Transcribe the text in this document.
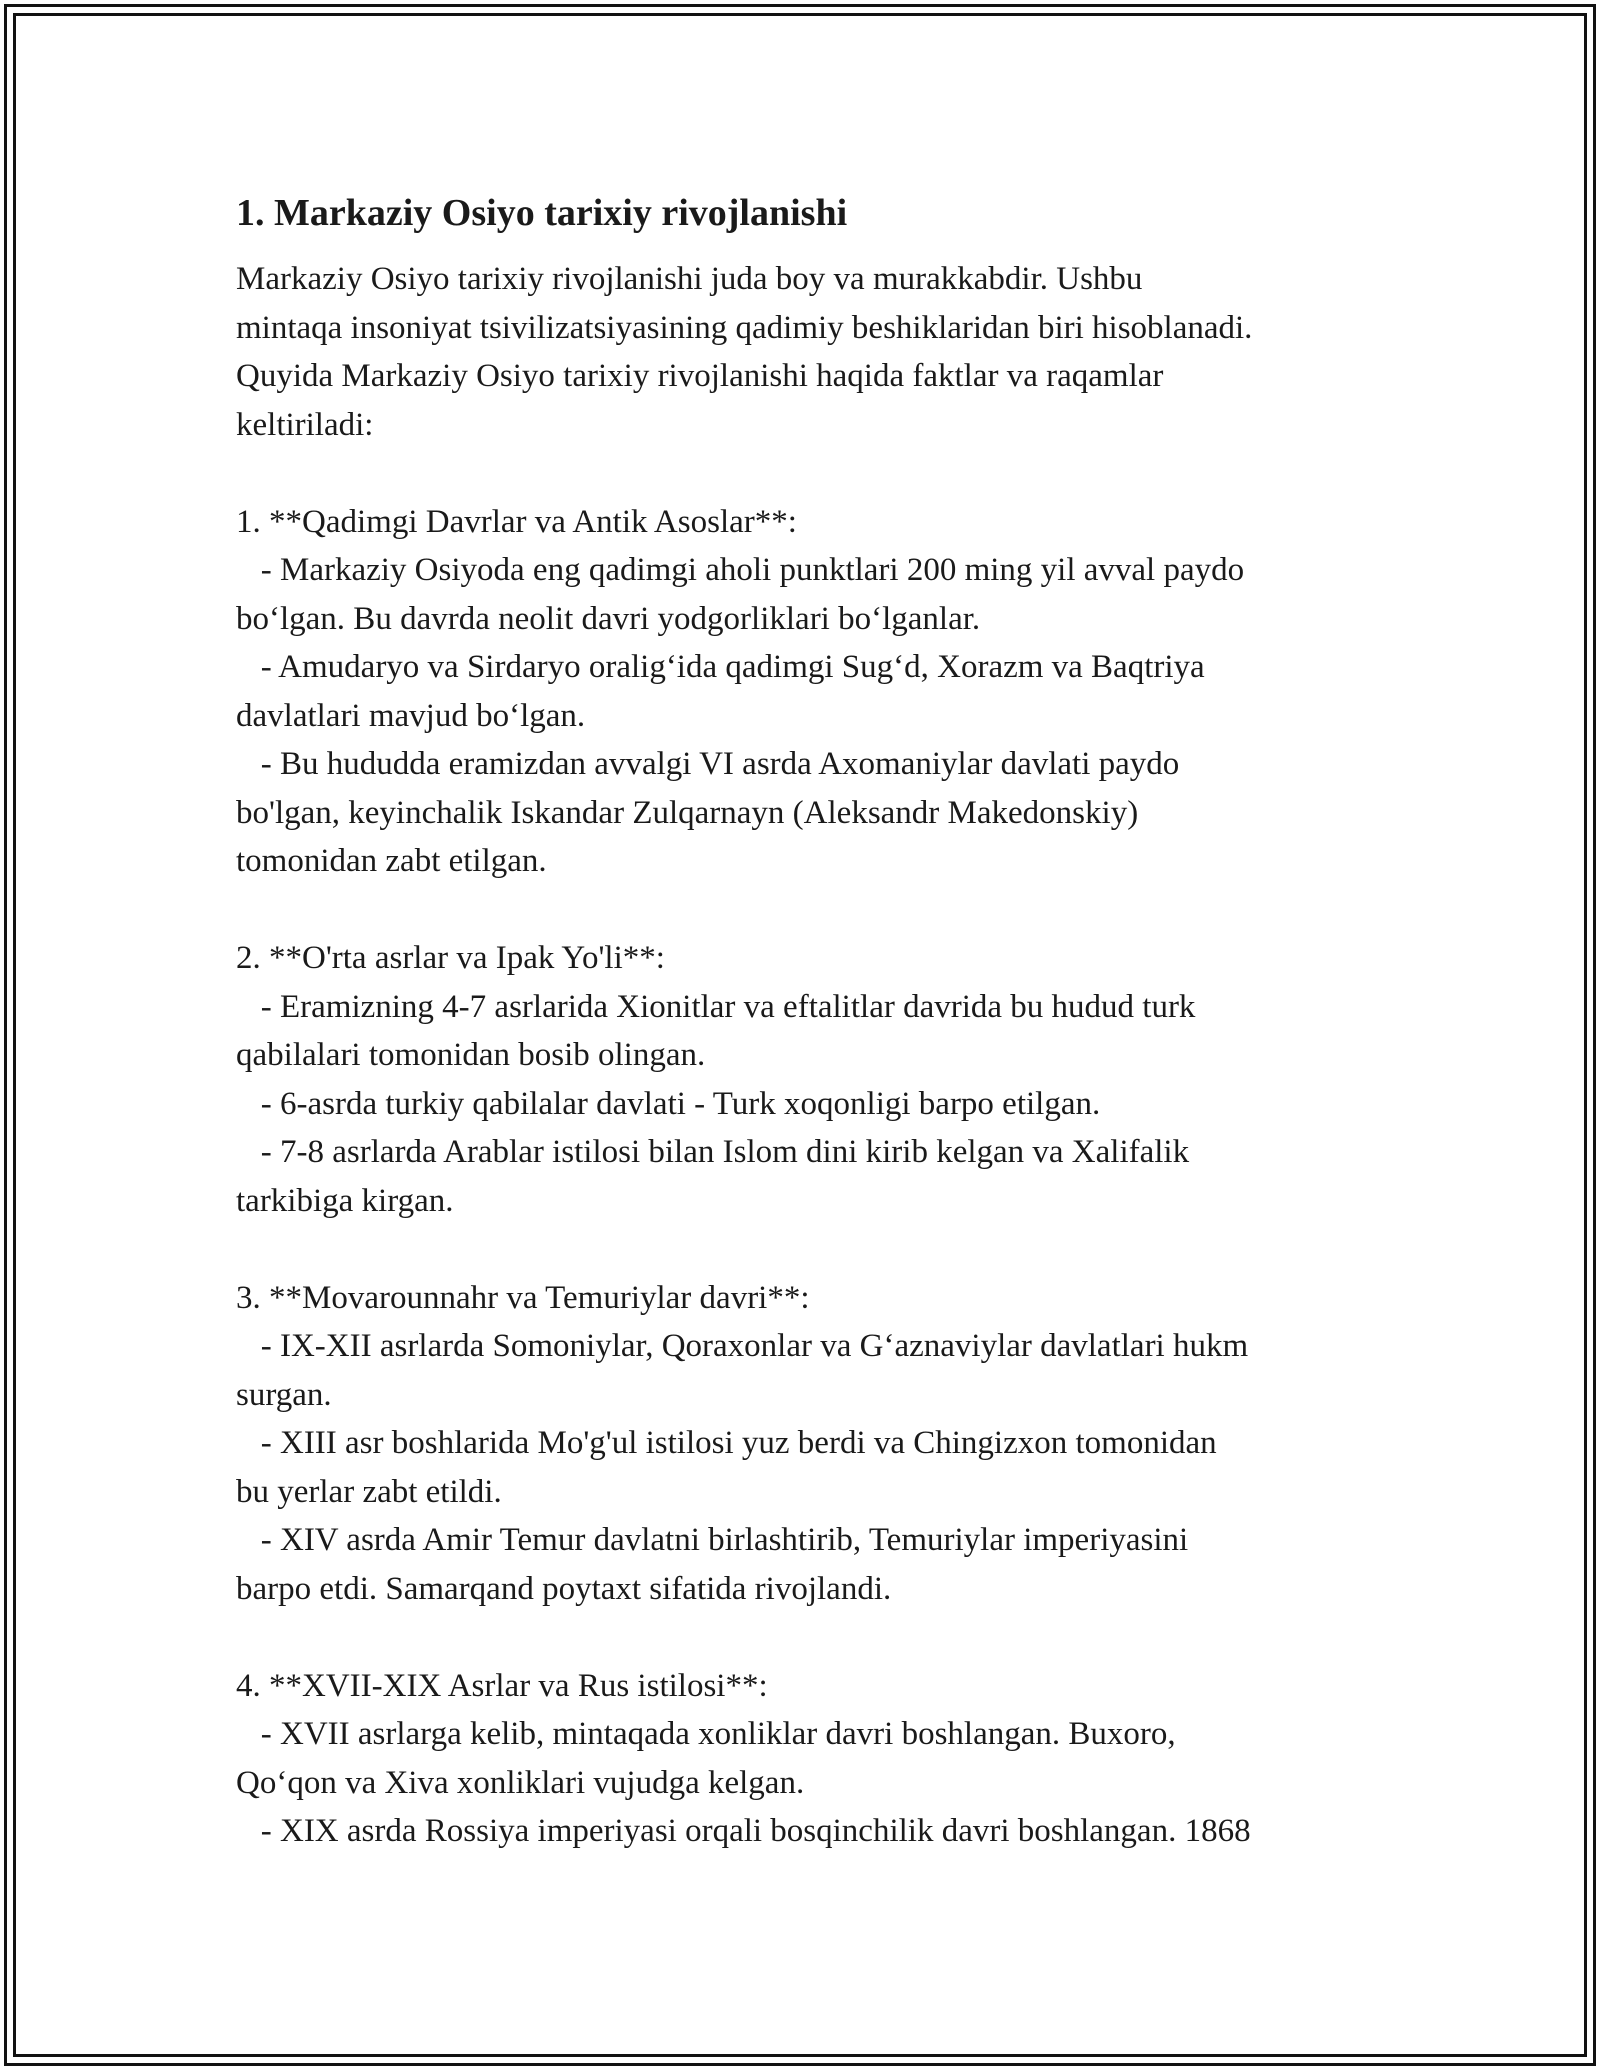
1. Markaziy Osiyo tarixiy rivojlanishi

Markaziy Osiyo tarixiy rivojlanishi juda boy va murakkabdir. Ushbu
mintaqa insoniyat tsivilizatsiyasining qadimiy beshiklaridan biri hisoblanadi.
Quyida Markaziy Osiyo tarixiy rivojlanishi haqida faktlar va raqamlar
keltiriladi:

1. **Qadimgi Davrlar va Antik Asoslar**:

- Markaziy Osiyoda eng qadimgi aholi punktlari 200 ming yil avval paydo
bo‘lgan. Bu davrda neolit davri yodgorliklari bo‘lganlar.

- Amudaryo va Sirdaryo oralig‘ida qadimgi Sug‘d, Xorazm va Baqtriya
davlatlari mavjud bo‘lgan.

- Bu hududda eramizdan avvalgi VI asrda Axomaniylar davlati paydo
bo'lgan, keyinchalik Iskandar Zulqarnayn (Aleksandr Makedonskiy)
tomonidan zabt etilgan.

2. **O'rta asrlar va Ipak Yo'li**:

- Eramizning 4-7 asrlarida Xionitlar va eftalitlar davrida bu hudud turk
qabilalari tomonidan bosib olingan.

- 6-asrda turkiy qabilalar davlati - Turk xoqonligi barpo etilgan.

- 7-8 asrlarda Arablar istilosi bilan Islom dini kirib kelgan va Xalifalik
tarkibiga kirgan.

3. **Movarounnahr va Temuriylar davri**:

- IX-XII asrlarda Somoniylar, Qoraxonlar va G‘aznaviylar davlatlari hukm
surgan.

- XIII asr boshlarida Mo'g'ul istilosi yuz berdi va Chingizxon tomonidan
bu yerlar zabt etildi.

- XIV asrda Amir Temur davlatni birlashtirib, Temuriylar imperiyasini
barpo etdi. Samarqand poytaxt sifatida rivojlandi.

4. **XVII-XIX Asrlar va Rus istilosi**:

- XVII asrlarga kelib, mintaqada xonliklar davri boshlangan. Buxoro,
Qo‘qon va Xiva xonliklari vujudga kelgan.

- XIX asrda Rossiya imperiyasi orqali bosqinchilik davri boshlangan. 1868
